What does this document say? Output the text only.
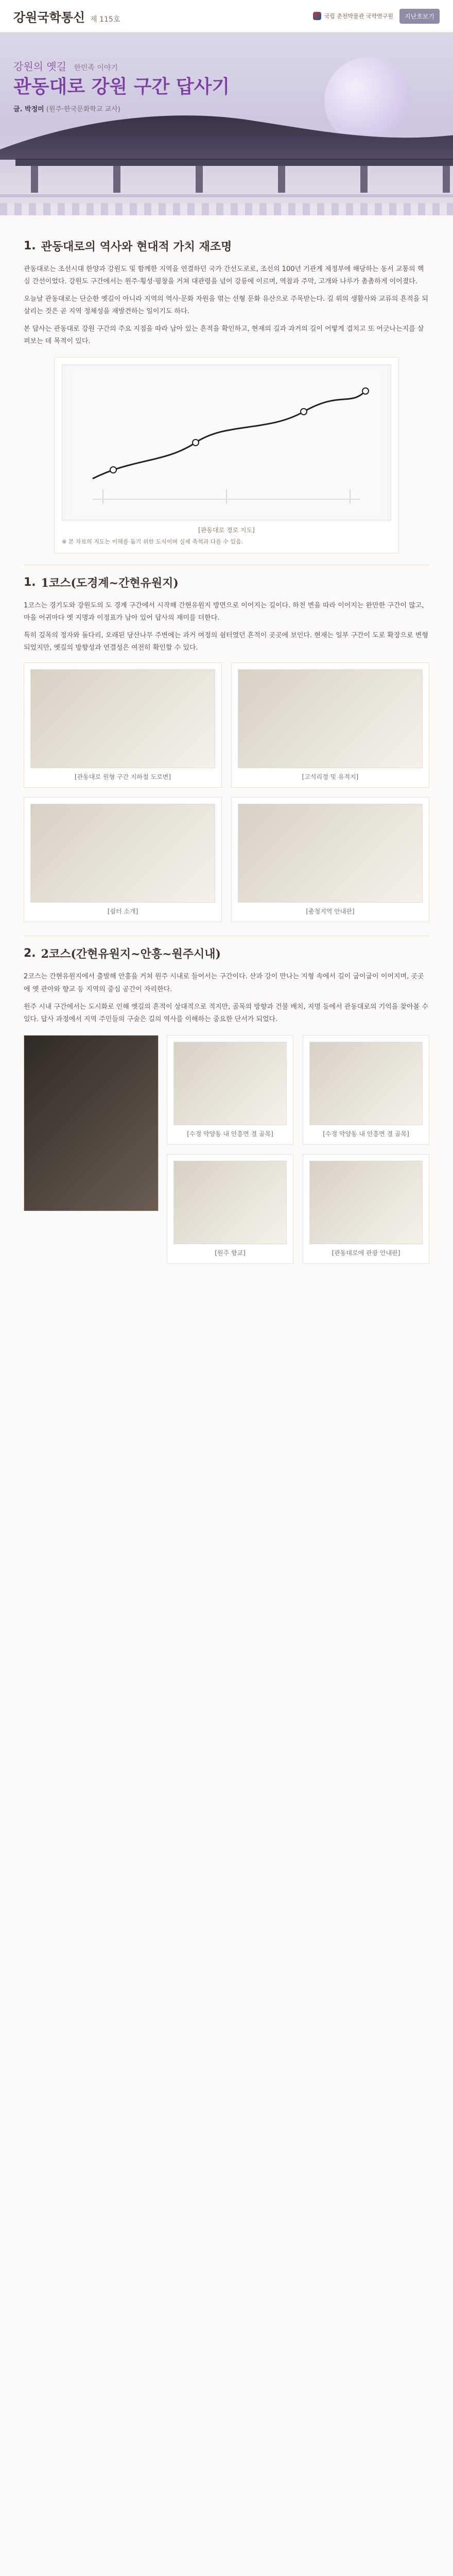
강원국학통신 제 115호	국립 춘천박물관 국학연구원	지난호보기
강원의 옛길 한민족 이야기
관동대로 강원 구간 답사기
글. 박정미 (원주·한국문화학교 교사)
1. 관동대로의 역사와 현대적 가치 재조명

관동대로는 조선시대 한양과 강원도 및 함께한 지역을 연결하던 국가 간선도로로, 조선의 100년 기관계 제정부에 해당하는 동서 교통의 핵심 간선이었다. 강원도 구간에서는 원주·횡성·평창을 거쳐 대관령을 넘어 강릉에 이르며, 역참과 주막, 고개와 나루가 촘촘하게 이어졌다.

오늘날 관동대로는 단순한 옛길이 아니라 지역의 역사·문화 자원을 엮는 선형 문화 유산으로 주목받는다. 길 위의 생활사와 교류의 흔적을 되살리는 것은 곧 지역 정체성을 재발견하는 일이기도 하다.

본 답사는 관동대로 강원 구간의 주요 지점을 따라 남아 있는 흔적을 확인하고, 현재의 길과 과거의 길이 어떻게 겹치고 또 어긋나는지를 살펴보는 데 목적이 있다.

[관동대로 경로 지도]
※ 본 자료의 지도는 이해를 돕기 위한 도식이며 실제 축척과 다를 수 있음.
1. 1코스(도경계~간현유원지)

1코스는 경기도와 강원도의 도 경계 구간에서 시작해 간현유원지 방면으로 이어지는 길이다. 하천 변을 따라 이어지는 완만한 구간이 많고, 마을 어귀마다 옛 지명과 이정표가 남아 있어 답사의 재미를 더한다.

특히 길목의 정자와 돌다리, 오래된 당산나무 주변에는 과거 여정의 쉼터였던 흔적이 곳곳에 보인다. 현재는 일부 구간이 도로 확장으로 변형되었지만, 옛길의 방향성과 연결성은 여전히 확인할 수 있다.

[관동대로 원형 구간 지하철 도로변]	[고석리정 및 유적지]
[쉼터 소개]	[충청지역 안내판]
2. 2코스(간현유원지~안흥~원주시내)

2코스는 간현유원지에서 출발해 안흥을 거쳐 원주 시내로 들어서는 구간이다. 산과 강이 만나는 지형 속에서 길이 굽이굽이 이어지며, 곳곳에 옛 관아와 향교 등 지역의 중심 공간이 자리한다.

원주 시내 구간에서는 도시화로 인해 옛길의 흔적이 상대적으로 적지만, 골목의 방향과 건물 배치, 지명 등에서 관동대로의 기억을 찾아볼 수 있다. 답사 과정에서 지역 주민들의 구술은 길의 역사를 이해하는 중요한 단서가 되었다.

[수정 약양동 내 안흥면 결 골목]	[수정 약양동 내 안흥면 결 골목]
[원주 향교]	[관동대로에 관광 안내판]
